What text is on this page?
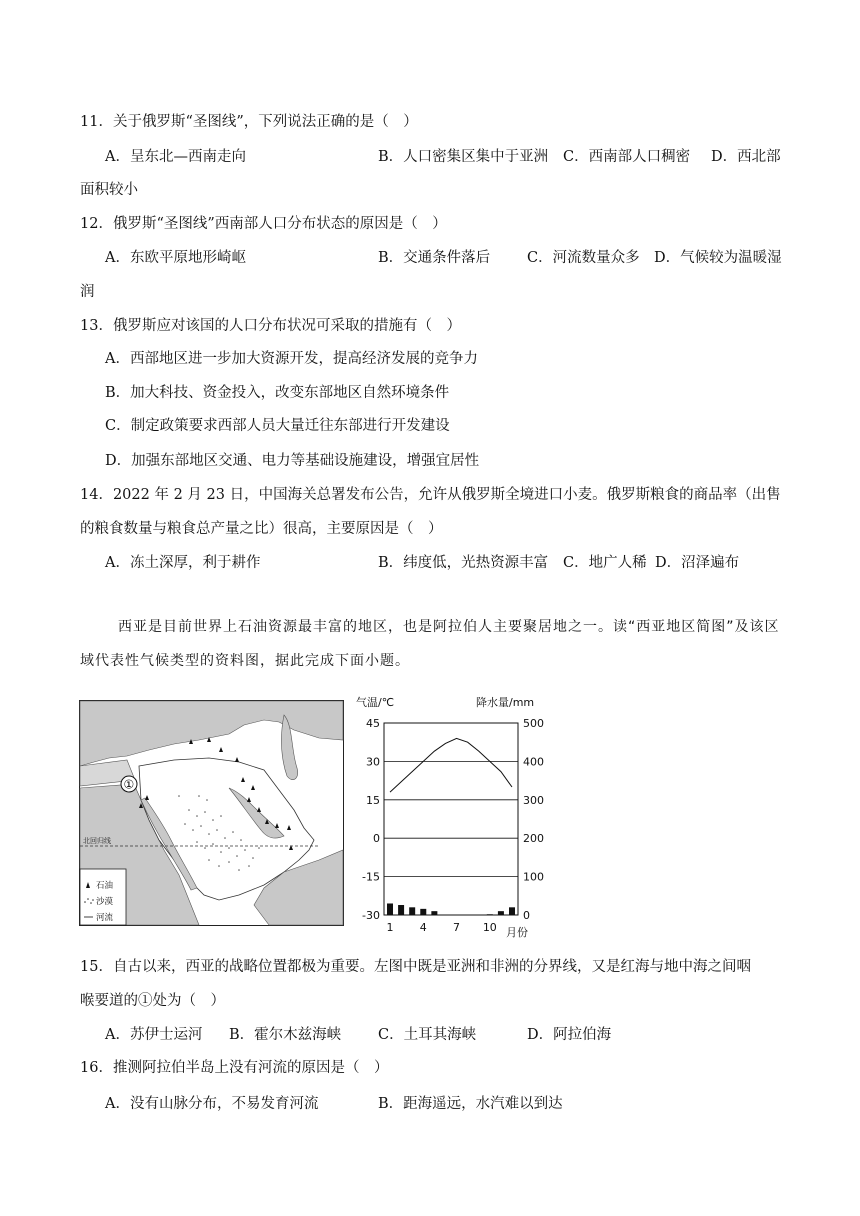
11．关于俄罗斯“圣图线”，下列说法正确的是（　）
A．呈东北—西南走向	B．人口密集区集中于亚洲 C．西南部人口稠密 D．西北部
面积较小
12．俄罗斯“圣图线”西南部人口分布状态的原因是（　）
A．东欧平原地形崎岖	B．交通条件落后	C．河流数量众多 D．气候较为温暖湿
润
13．俄罗斯应对该国的人口分布状况可采取的措施有（　）
A．西部地区进一步加大资源开发，提高经济发展的竞争力
B．加大科技、资金投入，改变东部地区自然环境条件
C．制定政策要求西部人员大量迁往东部进行开发建设
D．加强东部地区交通、电力等基础设施建设，增强宜居性
14．2022 年 2 月 23 日，中国海关总署发布公告，允许从俄罗斯全境进口小麦。俄罗斯粮食的商品率（出售
的粮食数量与粮食总产量之比）很高，主要原因是（　）
A．冻土深厚，利于耕作	B．纬度低，光热资源丰富 C．地广人稀 D．沼泽遍布
西亚是目前世界上石油资源最丰富的地区，也是阿拉伯人主要聚居地之一。读“西亚地区简图”及该区
域代表性气候类型的资料图，据此完成下面小题。
北回归线
①
石油
沙漠
河流
气温/℃	降水量/mm
45
30
15
0
-15
-30
500
400
300
200
100
0
1 4 7 10 月份
15．自古以来，西亚的战略位置都极为重要。左图中既是亚洲和非洲的分界线，又是红海与地中海之间咽
喉要道的①处为（　）
A．苏伊士运河 B．霍尔木兹海峡	C．土耳其海峡	D．阿拉伯海
16．推测阿拉伯半岛上没有河流的原因是（　）
A．没有山脉分布，不易发育河流	B．距海遥远，水汽难以到达
